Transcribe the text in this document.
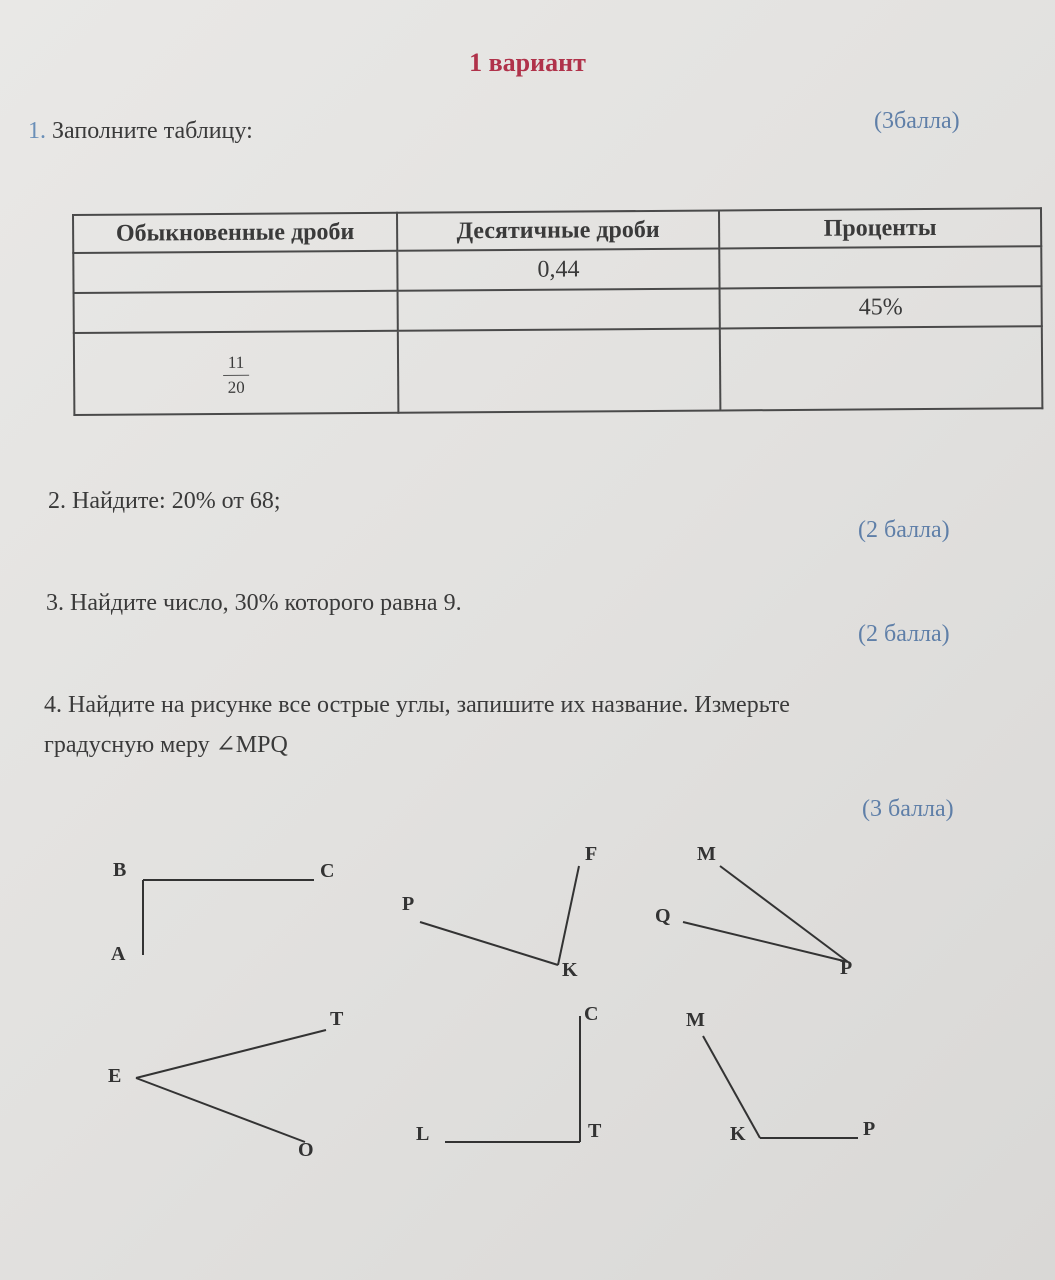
1 вариант
1. Заполните таблицу:	(3балла)
Обыкновенные дроби	Десятичные дроби	Проценты
	0,44	
		45%

$\frac{11}{20}$

2. Найдите: 20% от 68;
(2 балла)
3. Найдите число, 30% которого равна 9.
(2 балла)
4. Найдите на рисунке все острые углы, запишите их название. Измерьте
градусную меру ∠MPQ
(3 балла)
B	C
A
F
P
K
M
Q
P
T
E
O
C
L	T
M
K	P
